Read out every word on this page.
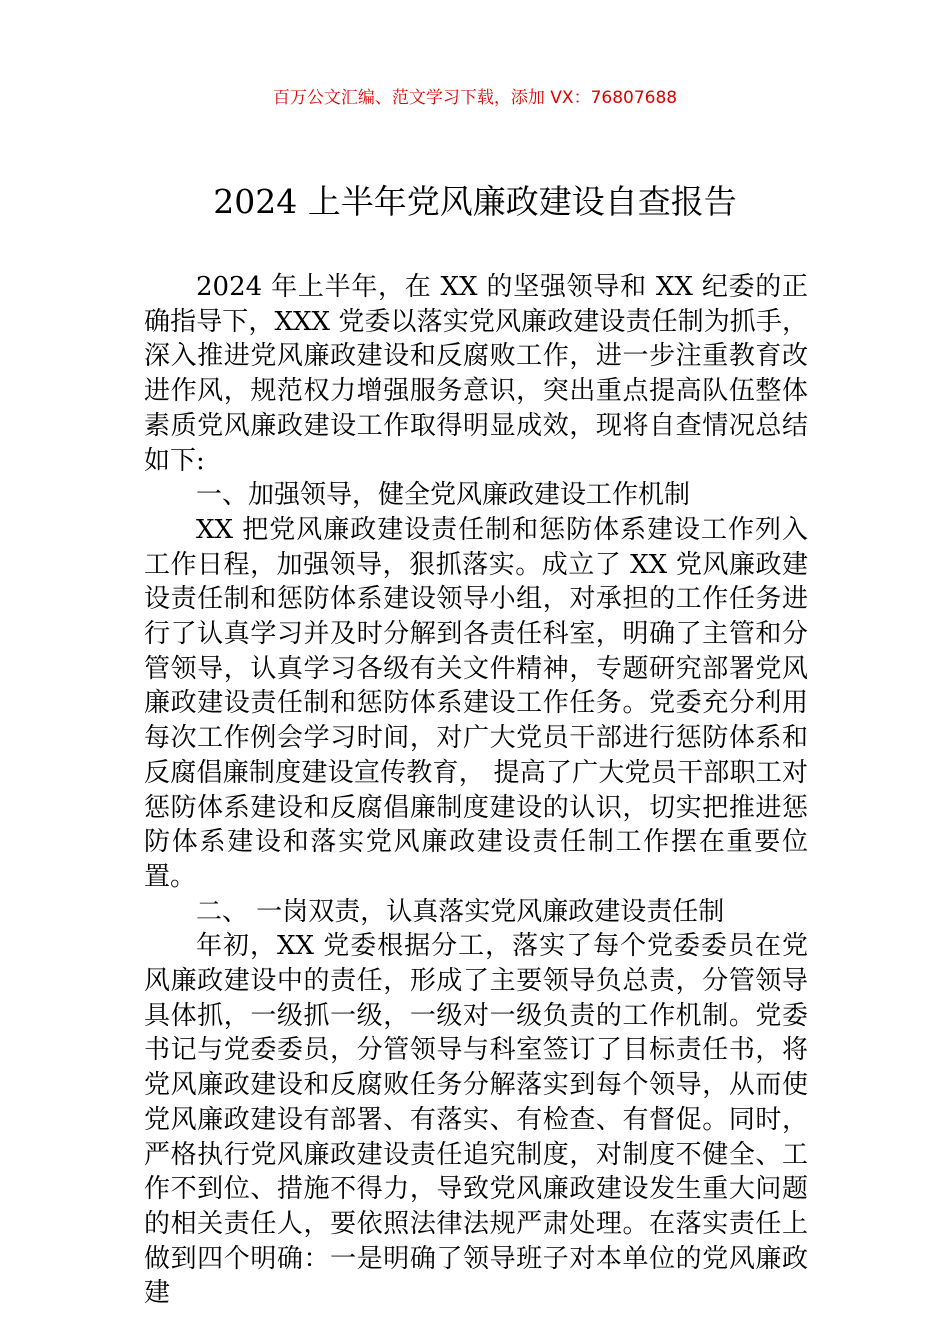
百万公文汇编、范文学习下载，添加 VX：76807688
2024 上半年党风廉政建设自查报告

2024 年上半年，在 XX 的坚强领导和 XX 纪委的正确指导下，XXX 党委以落实党风廉政建设责任制为抓手，深入推进党风廉政建设和反腐败工作，进一步注重教育改进作风，规范权力增强服务意识，突出重点提高队伍整体素质党风廉政建设工作取得明显成效，现将自查情况总结如下:

一、加强领导，健全党风廉政建设工作机制

XX 把党风廉政建设责任制和惩防体系建设工作列入工作日程，加强领导，狠抓落实。成立了 XX 党风廉政建设责任制和惩防体系建设领导小组，对承担的工作任务进行了认真学习并及时分解到各责任科室，明确了主管和分管领导，认真学习各级有关文件精神，专题研究部署党风廉政建设责任制和惩防体系建设工作任务。党委充分利用每次工作例会学习时间，对广大党员干部进行惩防体系和反腐倡廉制度建设宣传教育， 提高了广大党员干部职工对惩防体系建设和反腐倡廉制度建设的认识，切实把推进惩防体系建设和落实党风廉政建设责任制工作摆在重要位置。

二、 一岗双责，认真落实党风廉政建设责任制

年初，XX 党委根据分工，落实了每个党委委员在党风廉政建设中的责任，形成了主要领导负总责，分管领导具体抓，一级抓一级，一级对一级负责的工作机制。党委书记与党委委员，分管领导与科室签订了目标责任书，将党风廉政建设和反腐败任务分解落实到每个领导，从而使党风廉政建设有部署、有落实、有检查、有督促。同时，严格执行党风廉政建设责任追究制度，对制度不健全、工作不到位、措施不得力，导致党风廉政建设发生重大问题的相关责任人，要依照法律法规严肃处理。在落实责任上做到四个明确：一是明确了领导班子对本单位的党风廉政建
